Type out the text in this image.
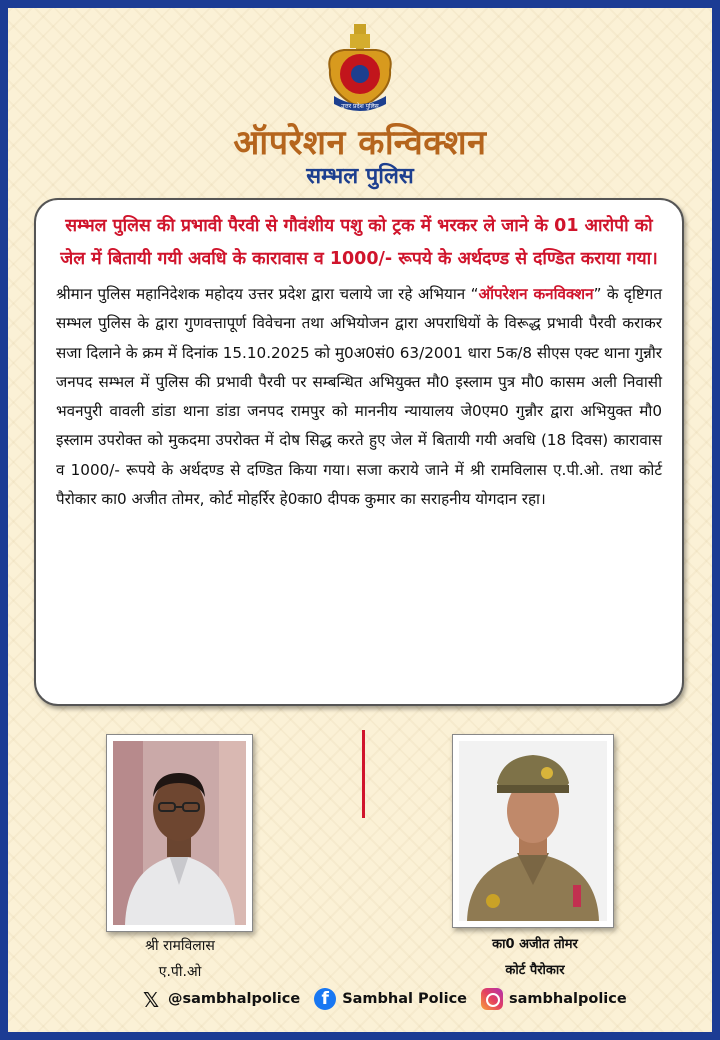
उत्तर प्रदेश पुलिस
ऑपरेशन कन्विक्शन
सम्भल पुलिस

सम्भल पुलिस की प्रभावी पैरवी से गौवंशीय पशु को ट्रक में भरकर ले जाने के 01 आरोपी को जेल में बितायी गयी अवधि के कारावास व 1000/- रूपये के अर्थदण्ड से दण्डित कराया गया।

श्रीमान पुलिस महानिदेशक महोदय उत्तर प्रदेश द्वारा चलाये जा रहे अभियान “ऑपरेशन कनविक्शन” के दृष्टिगत सम्भल पुलिस के द्वारा गुणवत्तापूर्ण विवेचना तथा अभियोजन द्वारा अपराधियों के विरूद्ध प्रभावी पैरवी कराकर सजा दिलाने के क्रम में दिनांक 15.10.2025 को मु0अ0सं0 63/2001 धारा 5क/8 सीएस एक्ट थाना गुन्नौर जनपद सम्भल में पुलिस की प्रभावी पैरवी पर सम्बन्धित अभियुक्त मौ0 इस्लाम पुत्र मौ0 कासम अली निवासी भवनपुरी वावली डांडा थाना डांडा जनपद रामपुर को माननीय न्यायालय जे0एम0 गुन्नौर द्वारा अभियुक्त मौ0 इस्लाम उपरोक्त को मुकदमा उपरोक्त में दोष सिद्ध करते हुए जेल में बितायी गयी अवधि (18 दिवस) कारावास व 1000/- रूपये के अर्थदण्ड से दण्डित किया गया। सजा कराये जाने में श्री रामविलास ए.पी.ओ. तथा कोर्ट पैरोकार का0 अजीत तोमर, कोर्ट मोहर्रिर हे0का0 दीपक कुमार का सराहनीय योगदान रहा।

श्री रामविलास
ए.पी.ओ
का0 अजीत तोमर
कोर्ट पैरोकार
𝕏 @sambhalpolice	f Sambhal Police	sambhalpolice
